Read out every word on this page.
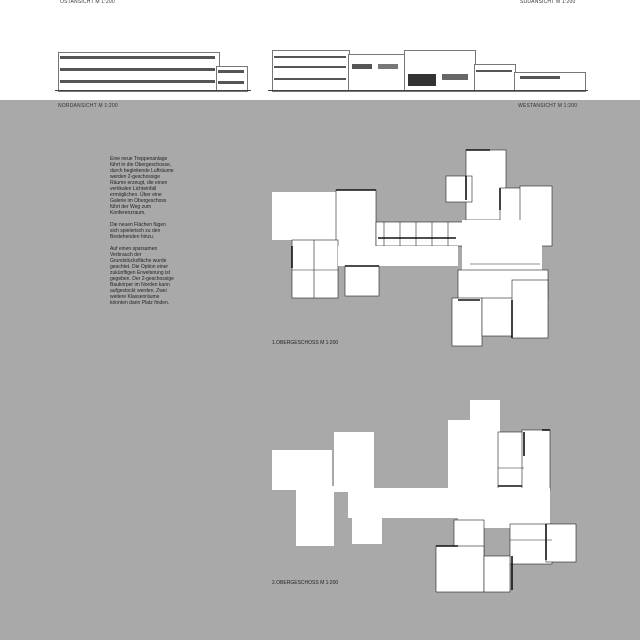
OSTANSICHT M 1:200	SÜDANSICHT M 1:200
NORDANSICHT M 1:200	WESTANSICHT M 1:200

Eine neue Treppenanlage führt in die Obergeschosse, durch begleitende Lufträume werden 2-geschossige Räume erzeugt, die einen vertikalen Lichteinfall ermöglichen. Über eine Galerie im Obergeschoss führt der Weg zum Konferenzraum.

Die neuen Flächen fügen sich spielerisch zu den Bestehenden hinzu.

Auf einen sparsamen Verbrauch der Grundstücksfläche wurde geachtet. Die Option einer zukünftigen Erweiterung ist gegeben. Der 2-geschossige Baukörper im Norden kann aufgestockt werden. Zwei weitere Klassenräume könnten darin Platz finden.

1.OBERGESCHOSS M 1:200
2.OBERGESCHOSS M 1:200
